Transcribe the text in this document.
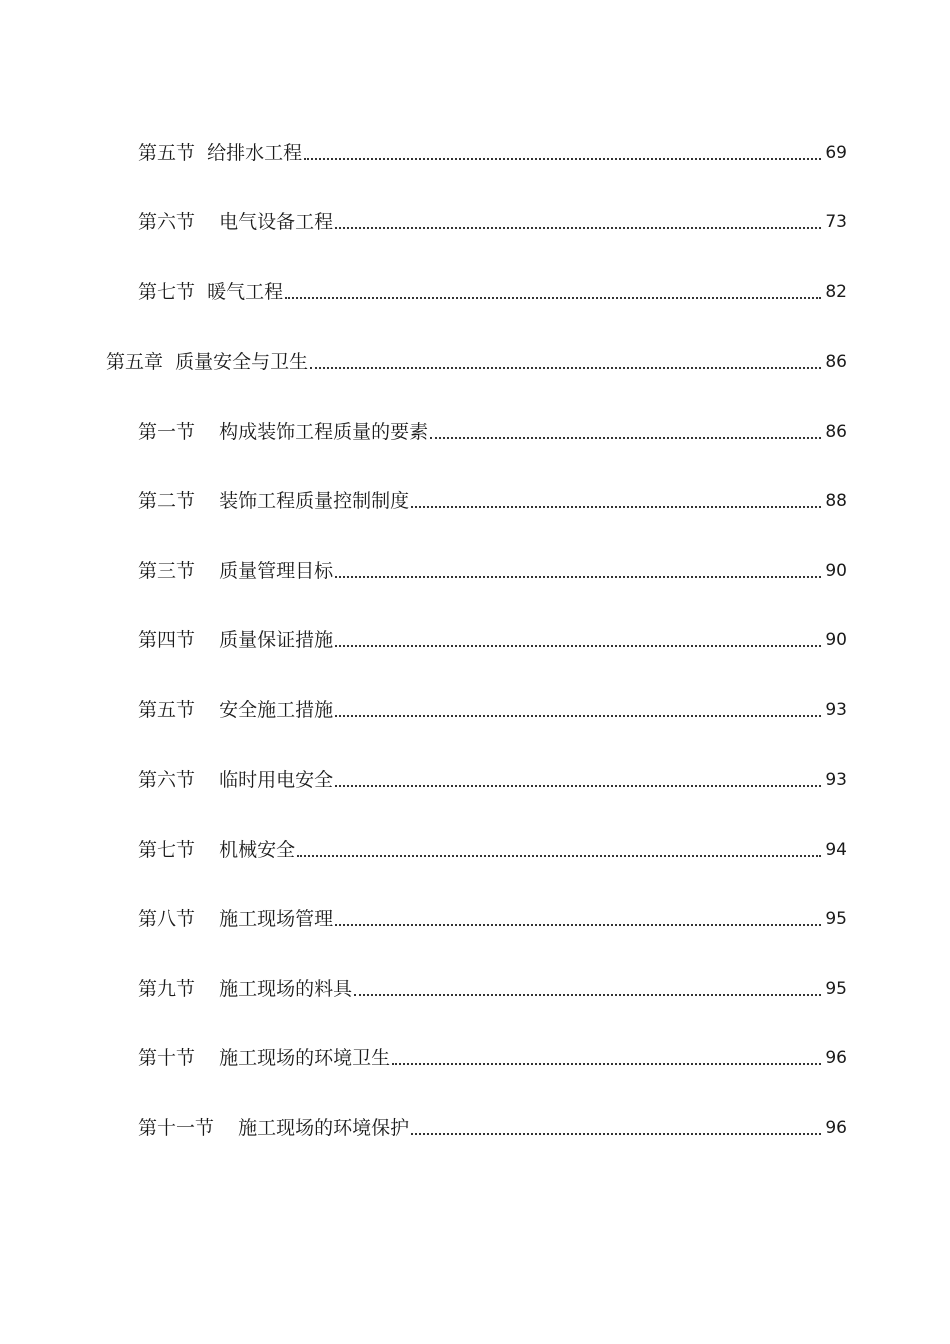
第五节  给排水工程	69
第六节    电气设备工程	73
第七节  暖气工程	82
第五章  质量安全与卫生	86
第一节    构成装饰工程质量的要素	86
第二节    装饰工程质量控制制度	88
第三节    质量管理目标	90
第四节    质量保证措施	90
第五节    安全施工措施	93
第六节    临时用电安全	93
第七节    机械安全	94
第八节    施工现场管理	95
第九节    施工现场的料具	95
第十节    施工现场的环境卫生	96
第十一节    施工现场的环境保护	96
